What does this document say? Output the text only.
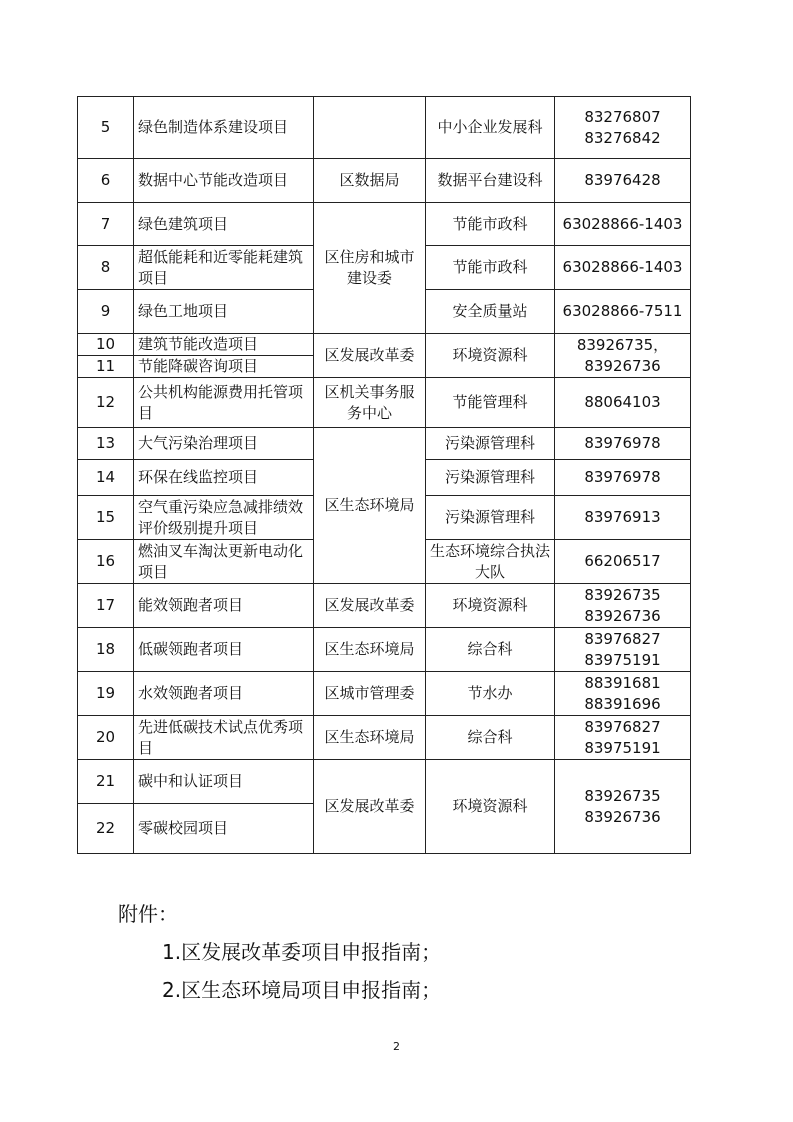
5	绿色制造体系建设项目		中小企业发展科	83276807 83276842
6	数据中心节能改造项目	区数据局	数据平台建设科	83976428
7	绿色建筑项目	区住房和城市建设委	节能市政科	63028866-1403
8	超低能耗和近零能耗建筑项目		节能市政科	63028866-1403
9	绿色工地项目		安全质量站	63028866-7511
10	建筑节能改造项目	区发展改革委	环境资源科	83926735， 83926736
11	节能降碳咨询项目			
12	公共机构能源费用托管项目	区机关事务服务中心	节能管理科	88064103
13	大气污染治理项目	区生态环境局	污染源管理科	83976978
14	环保在线监控项目		污染源管理科	83976978
15	空气重污染应急减排绩效评价级别提升项目		污染源管理科	83976913
16	燃油叉车淘汰更新电动化项目		生态环境综合执法大队	66206517
17	能效领跑者项目	区发展改革委	环境资源科	83926735 83926736
18	低碳领跑者项目	区生态环境局	综合科	83976827 83975191
19	水效领跑者项目	区城市管理委	节水办	88391681 88391696
20	先进低碳技术试点优秀项目	区生态环境局	综合科	83976827 83975191
21	碳中和认证项目	区发展改革委	环境资源科	83926735 83926736
22	零碳校园项目			
附件：
1.区发展改革委项目申报指南；
2.区生态环境局项目申报指南；
2
